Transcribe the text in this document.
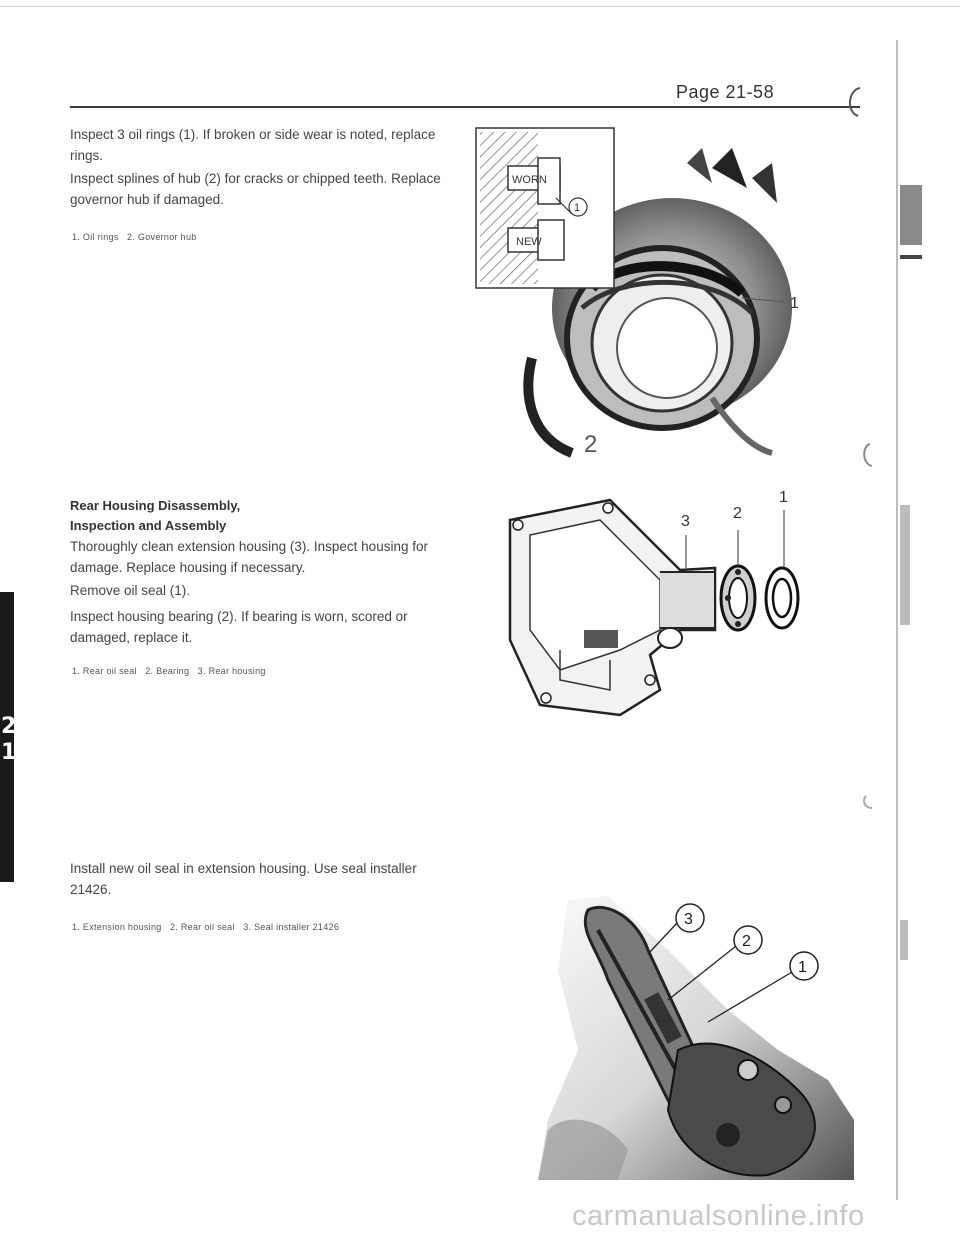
Page 21-58
2
1
Inspect 3 oil rings (1). If broken or side wear is noted, replace rings.
Inspect splines of hub (2) for cracks or chipped teeth. Replace governor hub if damaged.
1. Oil rings   2. Governor hub
WORN
NEW
1
1
2
Rear Housing Disassembly,
Inspection and Assembly
Thoroughly clean extension housing (3). Inspect housing for damage. Replace housing if necessary.
Remove oil seal (1).
Inspect housing bearing (2). If bearing is worn, scored or damaged, replace it.
1. Rear oil seal   2. Bearing   3. Rear housing
3	2
1
Install new oil seal in extension housing. Use seal installer 21426.
1. Extension housing   2. Rear oil seal   3. Seal installer 21426	3
2
1
carmanualsonline.info
